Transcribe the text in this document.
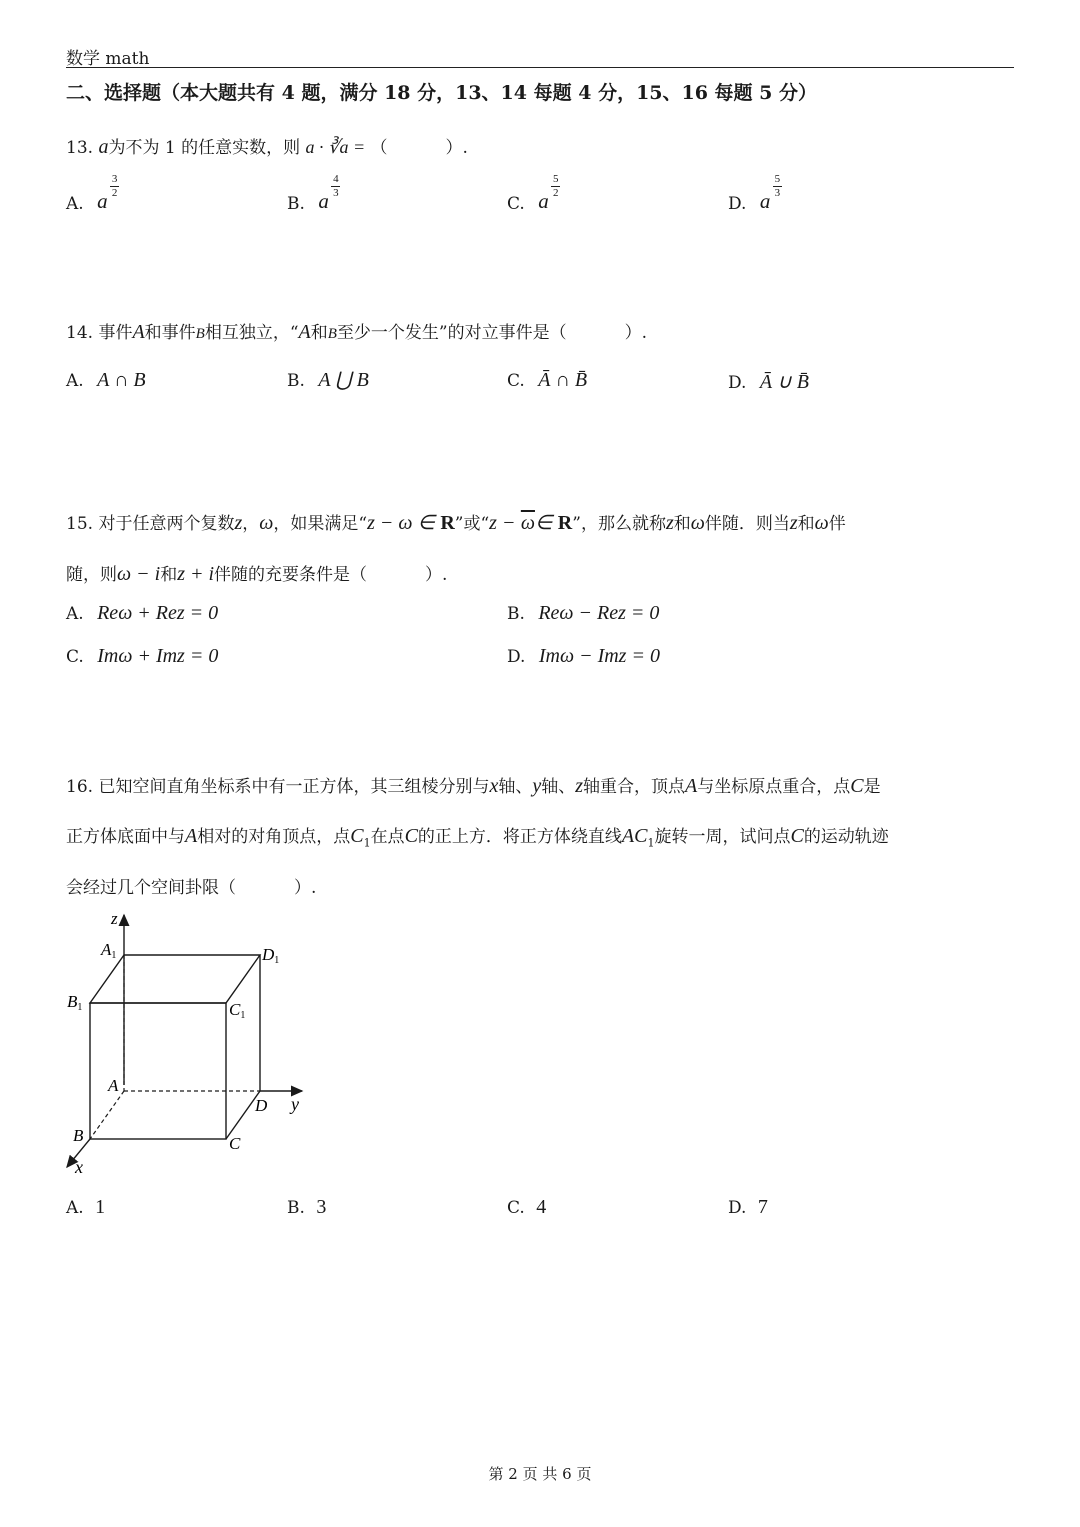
数学 math
二、选择题（本大题共有 4 题，满分 18 分，13、14 每题 4 分，15、16 每题 5 分）
13. a为不为 1 的任意实数，则 a · ∛a = （	）.
A. a
3
2
B. a
4
3
C. a
5
2
D. a
5
3
14. 事件A和事件B相互独立，“A和B至少一个发生”的对立事件是（	）.
A. A ∩ B	B. A ⋃ B	C. Ā ∩ B̄	D. Ā ∪ B̄
15. 对于任意两个复数z，ω，如果满足“z − ω ∈ R”或“$z - \overline{\omega}\in$ R”，那么就称z和ω伴随．则当z和ω伴
随，则ω − i和z + i伴随的充要条件是（	）.
A. Reω + Rez = 0	B. Reω − Rez = 0
C. Imω + Imz = 0	D. Imω − Imz = 0
16. 已知空间直角坐标系中有一正方体，其三组棱分别与x轴、y轴、z轴重合，顶点A与坐标原点重合，点C是
正方体底面中与A相对的对角顶点，点$C_1$在点C的正上方．将正方体绕直线$AC_1$旋转一周，试问点C的运动轨迹
会经过几个空间卦限（	）.
z
y
x
A1	D1
B1	C1
A
D
B	C
A. 1	B. 3	C. 4	D. 7
第 2 页 共 6 页
